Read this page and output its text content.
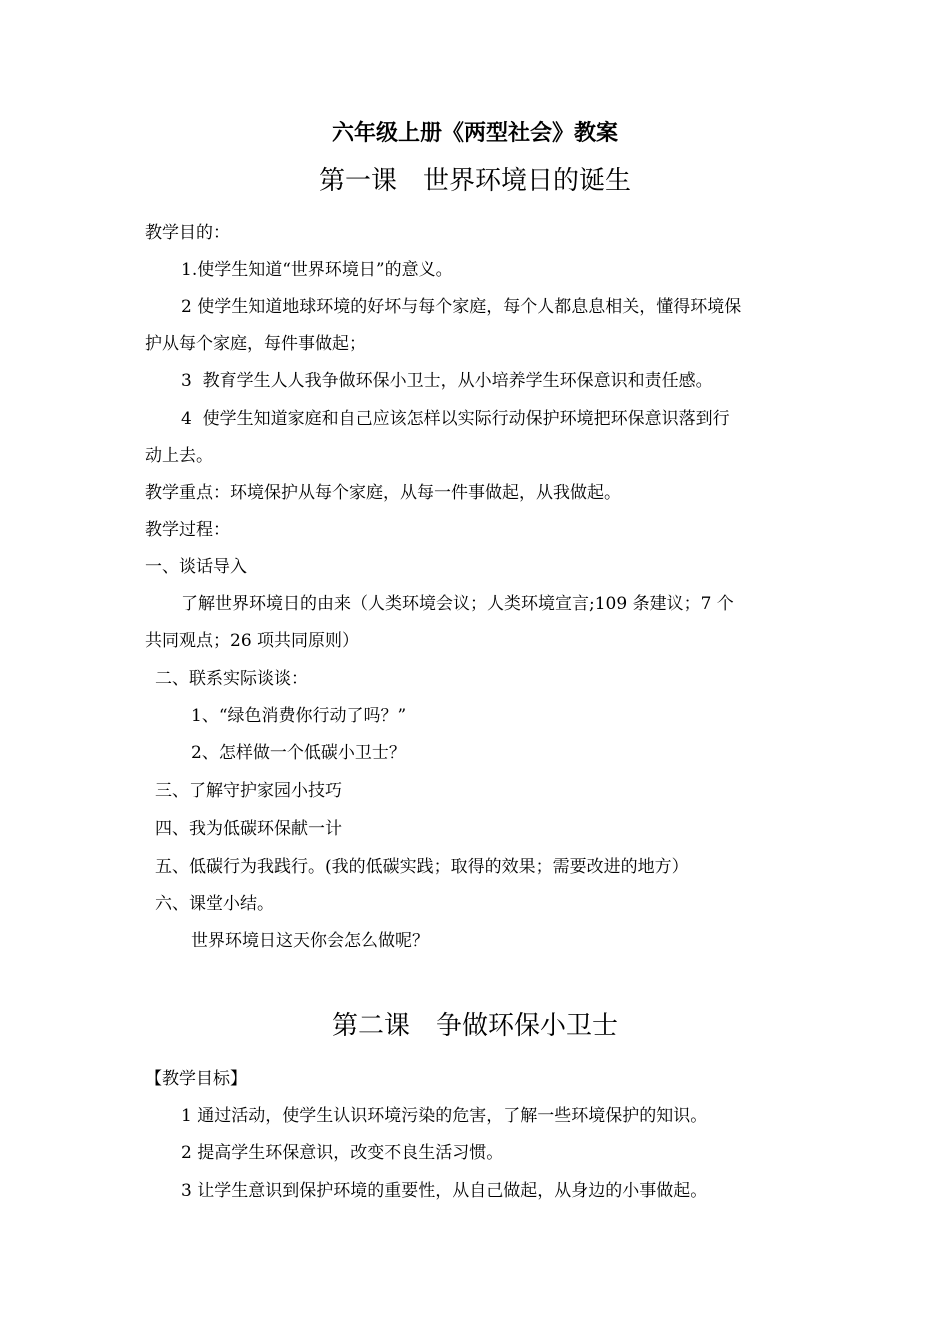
六年级上册《两型社会》教案
第一课　世界环境日的诞生
教学目的：
1.使学生知道“世界环境日”的意义。
2 使学生知道地球环境的好坏与每个家庭，每个人都息息相关，懂得环境保
护从每个家庭，每件事做起；
3  教育学生人人我争做环保小卫士，从小培养学生环保意识和责任感。
4  使学生知道家庭和自己应该怎样以实际行动保护环境把环保意识落到行
动上去。
教学重点：环境保护从每个家庭，从每一件事做起，从我做起。
教学过程：
一、谈话导入
了解世界环境日的由来（人类环境会议；人类环境宣言;109 条建议；7 个
共同观点；26 项共同原则）
二、联系实际谈谈：
1、“绿色消费你行动了吗？”
2、怎样做一个低碳小卫士？
三、了解守护家园小技巧
四、我为低碳环保献一计
五、低碳行为我践行。(我的低碳实践；取得的效果；需要改进的地方）
六、课堂小结。
世界环境日这天你会怎么做呢？
第二课　争做环保小卫士
【教学目标】
1 通过活动，使学生认识环境污染的危害，了解一些环境保护的知识。
2 提高学生环保意识，改变不良生活习惯。
3 让学生意识到保护环境的重要性，从自己做起，从身边的小事做起。
